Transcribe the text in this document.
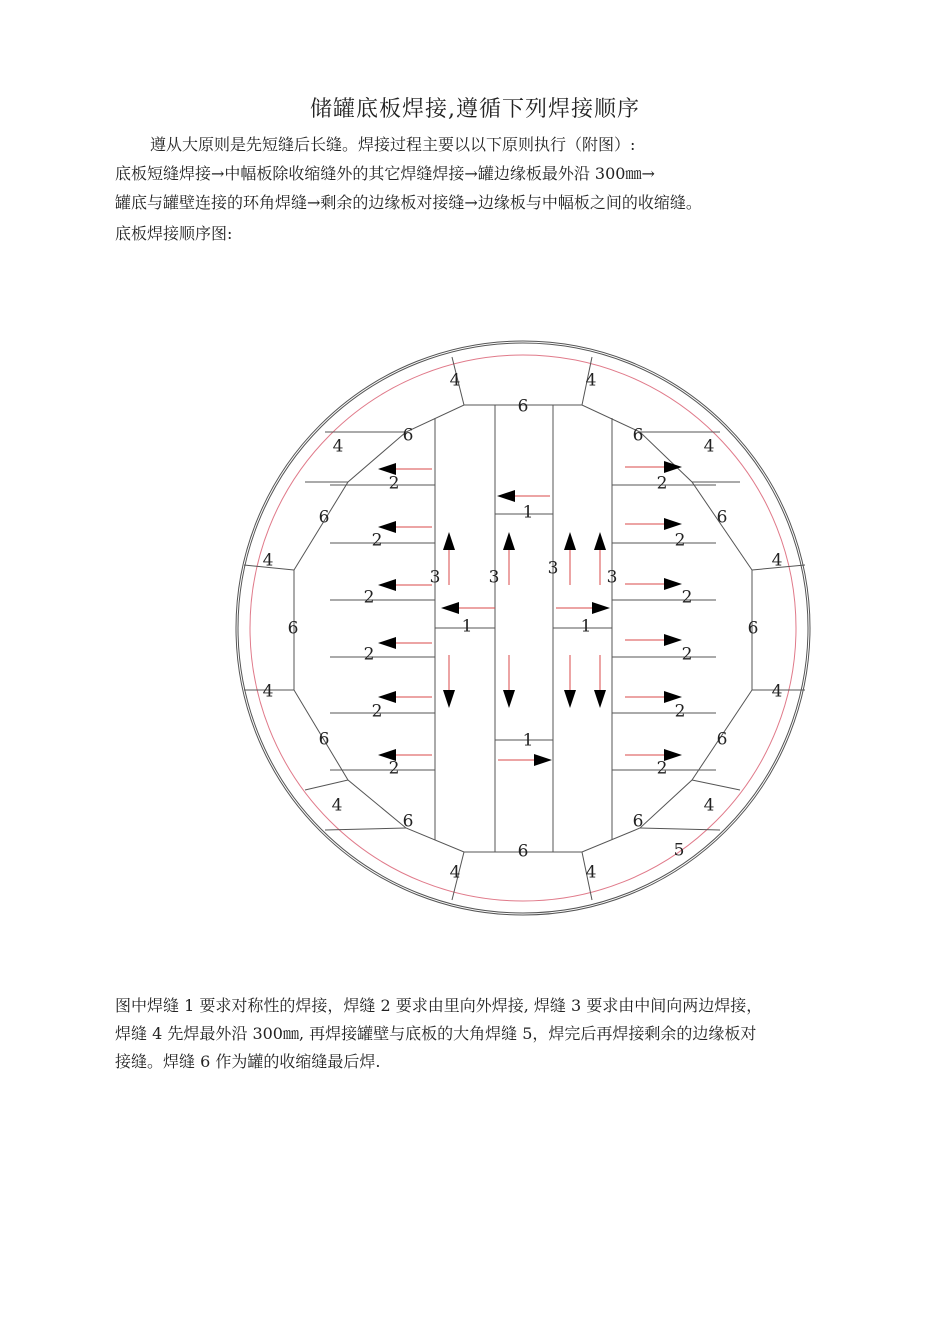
储罐底板焊接,遵循下列焊接顺序
遵从大原则是先短缝后长缝。焊接过程主要以以下原则执行（附图）:
底板短缝焊接→中幅板除收缩缝外的其它焊缝焊接→罐边缘板最外沿 300㎜→
罐底与罐壁连接的环角焊缝→剩余的边缘板对接缝→边缘板与中幅板之间的收缩缝。
底板焊接顺序图:
4	4
4	4
4	4
4	4
4	4
4	4
5
6
6	6
6	6
6	6
6	6
6	6
6
2
2
2
2
2
2
2
2
2
2
2
2
1
1	1
1
3	3	3	3
图中焊缝 1 要求对称性的焊接，焊缝 2 要求由里向外焊接, 焊缝 3 要求由中间向两边焊接，
焊缝 4 先焊最外沿 300㎜, 再焊接罐壁与底板的大角焊缝 5，焊完后再焊接剩余的边缘板对
接缝。焊缝 6 作为罐的收缩缝最后焊.
